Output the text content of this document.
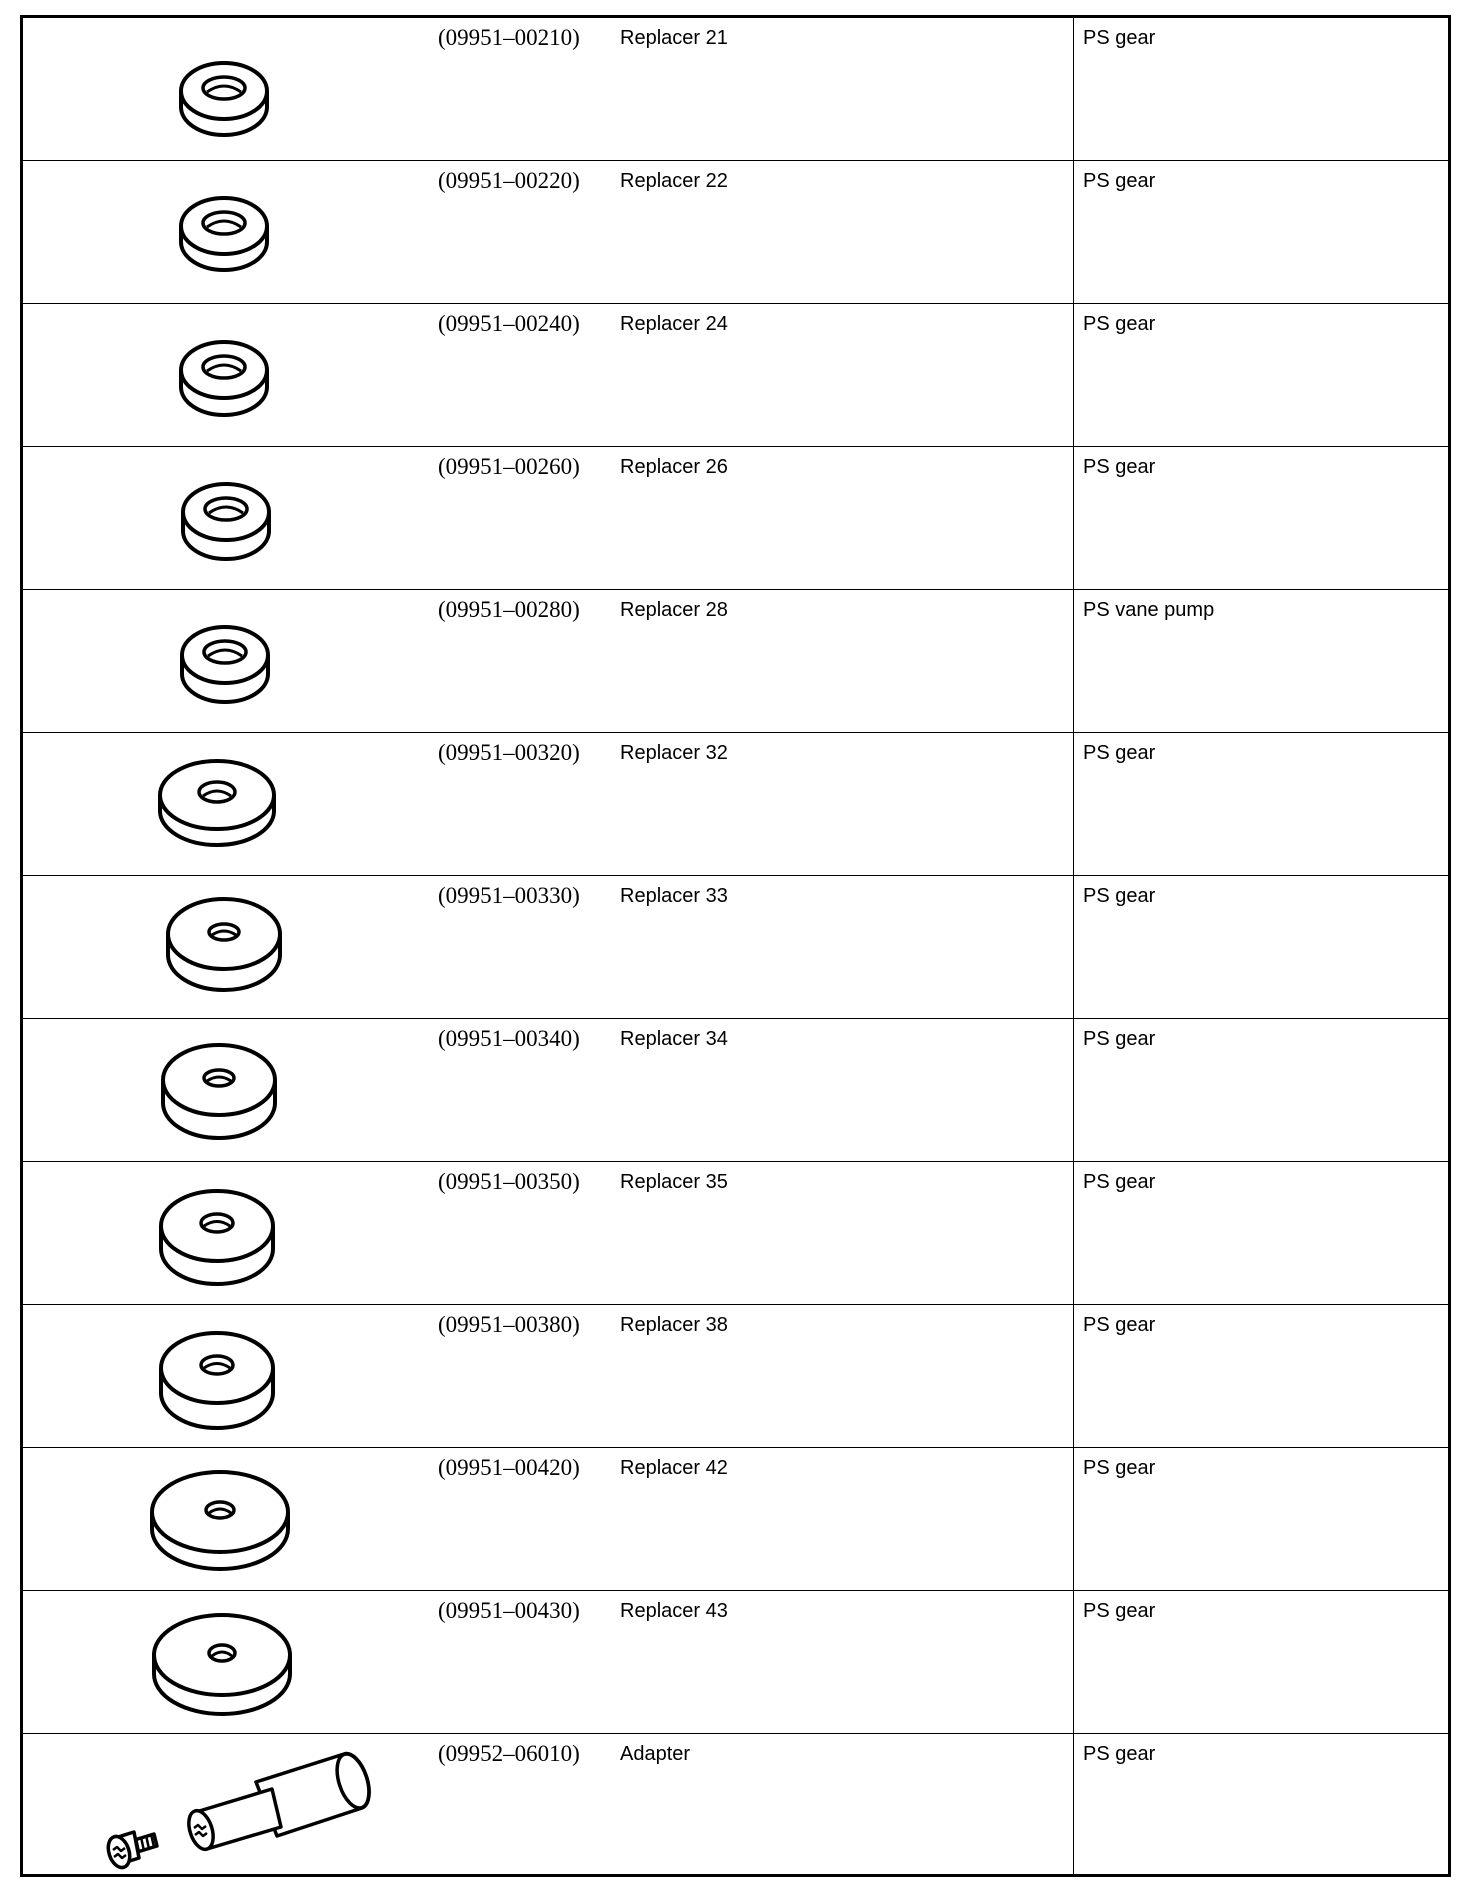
(09951–00210) Replacer 21	PS gear
(09951–00220) Replacer 22	PS gear
(09951–00240) Replacer 24	PS gear
(09951–00260) Replacer 26	PS gear
(09951–00280) Replacer 28	PS vane pump
(09951–00320) Replacer 32	PS gear
(09951–00330) Replacer 33	PS gear
(09951–00340) Replacer 34	PS gear
(09951–00350) Replacer 35	PS gear
(09951–00380) Replacer 38	PS gear
(09951–00420) Replacer 42	PS gear
(09951–00430) Replacer 43	PS gear
(09952–06010) Adapter	PS gear
